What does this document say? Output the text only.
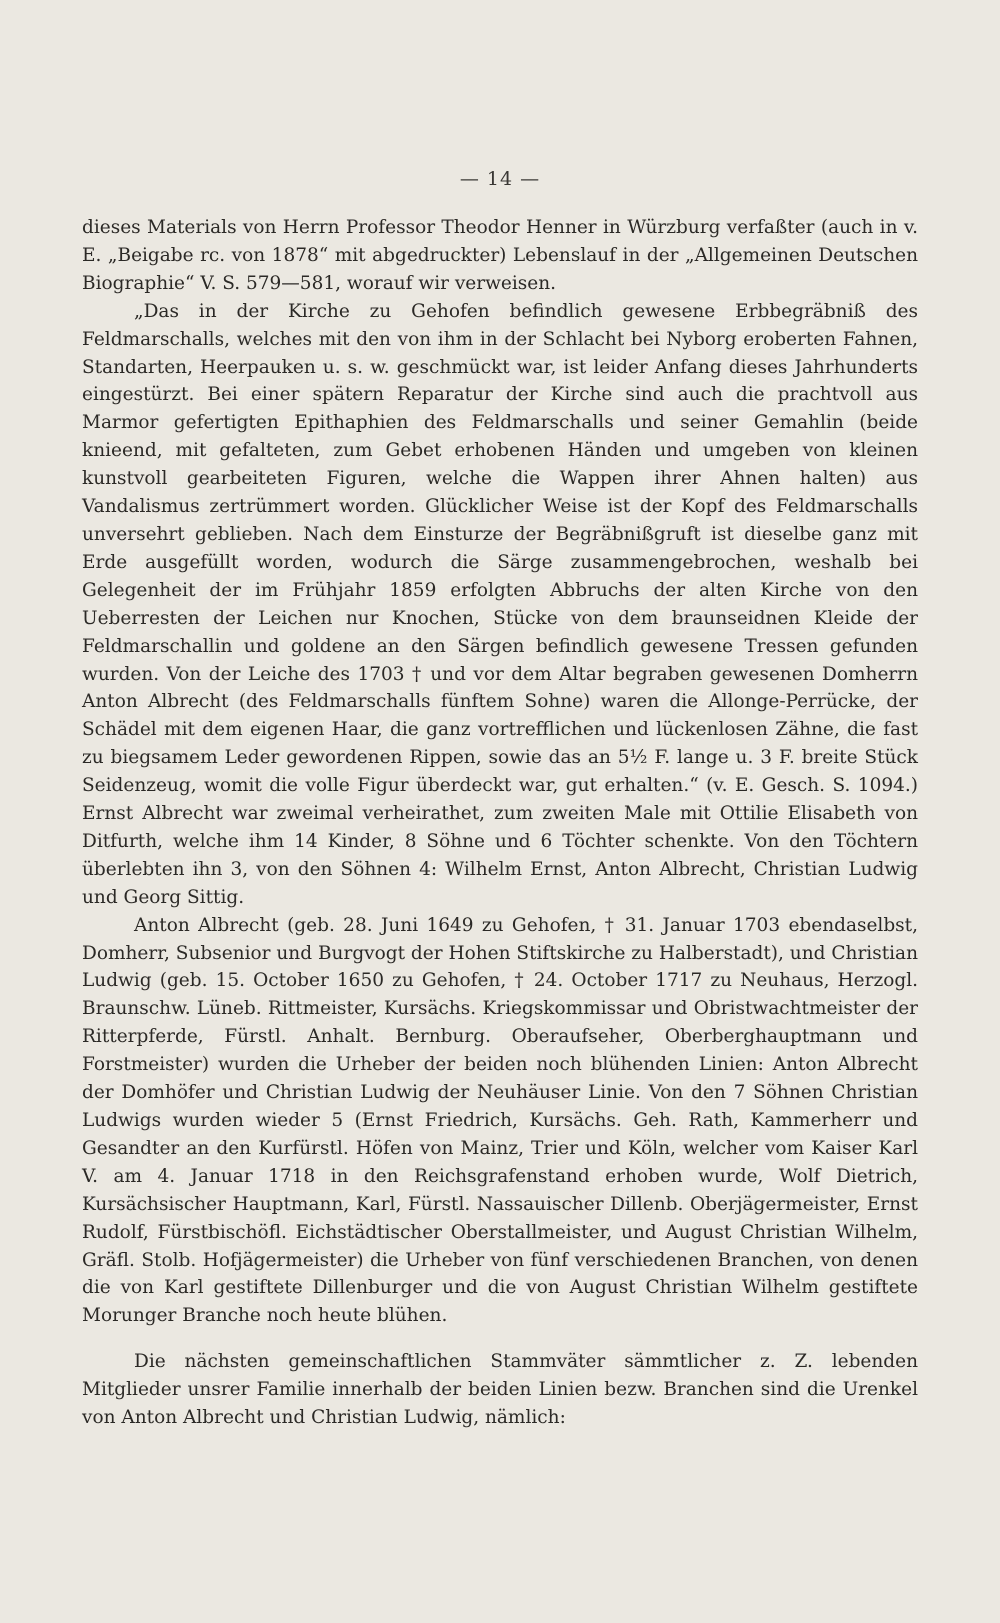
— 14 —

dieses Materials von Herrn Professor Theodor Henner in Würzburg verfaßter (auch in v. E. „Beigabe rc. von 1878“ mit abgedruckter) Lebenslauf in der „Allgemeinen Deutschen Biographie“ V. S. 579—581, worauf wir verweisen.

„Das in der Kirche zu Gehofen befindlich gewesene Erbbegräbniß des Feldmarschalls, welches mit den von ihm in der Schlacht bei Nyborg eroberten Fahnen, Standarten, Heerpauken u. s. w. geschmückt war, ist leider Anfang dieses Jahrhunderts eingestürzt. Bei einer spätern Reparatur der Kirche sind auch die prachtvoll aus Marmor gefertigten Epithaphien des Feldmarschalls und seiner Gemahlin (beide knieend, mit gefalteten, zum Gebet erhobenen Händen und umgeben von kleinen kunstvoll gearbeiteten Figuren, welche die Wappen ihrer Ahnen halten) aus Vandalismus zertrümmert worden. Glücklicher Weise ist der Kopf des Feldmarschalls unversehrt geblieben. Nach dem Einsturze der Begräbnißgruft ist dieselbe ganz mit Erde ausgefüllt worden, wodurch die Särge zusammengebrochen, weshalb bei Gelegenheit der im Frühjahr 1859 erfolgten Abbruchs der alten Kirche von den Ueberresten der Leichen nur Knochen, Stücke von dem braunseidnen Kleide der Feldmarschallin und goldene an den Särgen befindlich gewesene Tressen gefunden wurden. Von der Leiche des 1703 † und vor dem Altar begraben gewesenen Domherrn Anton Albrecht (des Feldmarschalls fünftem Sohne) waren die Allonge-Perrücke, der Schädel mit dem eigenen Haar, die ganz vortrefflichen und lückenlosen Zähne, die fast zu biegsamem Leder gewordenen Rippen, sowie das an 5½ F. lange u. 3 F. breite Stück Seidenzeug, womit die volle Figur überdeckt war, gut erhalten.“ (v. E. Gesch. S. 1094.) Ernst Albrecht war zweimal verheirathet, zum zweiten Male mit Ottilie Elisabeth von Ditfurth, welche ihm 14 Kinder, 8 Söhne und 6 Töchter schenkte. Von den Töchtern überlebten ihn 3, von den Söhnen 4: Wilhelm Ernst, Anton Albrecht, Christian Ludwig und Georg Sittig.

Anton Albrecht (geb. 28. Juni 1649 zu Gehofen, † 31. Januar 1703 ebendaselbst, Domherr, Subsenior und Burgvogt der Hohen Stiftskirche zu Halberstadt), und Christian Ludwig (geb. 15. October 1650 zu Gehofen, † 24. October 1717 zu Neuhaus, Herzogl. Braunschw. Lüneb. Rittmeister, Kursächs. Kriegskommissar und Obristwachtmeister der Ritterpferde, Fürstl. Anhalt. Bernburg. Oberaufseher, Oberberghauptmann und Forstmeister) wurden die Urheber der beiden noch blühenden Linien: Anton Albrecht der Domhöfer und Christian Ludwig der Neuhäuser Linie. Von den 7 Söhnen Christian Ludwigs wurden wieder 5 (Ernst Friedrich, Kursächs. Geh. Rath, Kammerherr und Gesandter an den Kurfürstl. Höfen von Mainz, Trier und Köln, welcher vom Kaiser Karl V. am 4. Januar 1718 in den Reichsgrafenstand erhoben wurde, Wolf Dietrich, Kursächsischer Hauptmann, Karl, Fürstl. Nassauischer Dillenb. Oberjägermeister, Ernst Rudolf, Fürstbischöfl. Eichstädtischer Oberstallmeister, und August Christian Wilhelm, Gräfl. Stolb. Hofjägermeister) die Urheber von fünf verschiedenen Branchen, von denen die von Karl gestiftete Dillenburger und die von August Christian Wilhelm gestiftete Morunger Branche noch heute blühen.

Die nächsten gemeinschaftlichen Stammväter sämmtlicher z. Z. lebenden Mitglieder unsrer Familie innerhalb der beiden Linien bezw. Branchen sind die Urenkel von Anton Albrecht und Christian Ludwig, nämlich:
